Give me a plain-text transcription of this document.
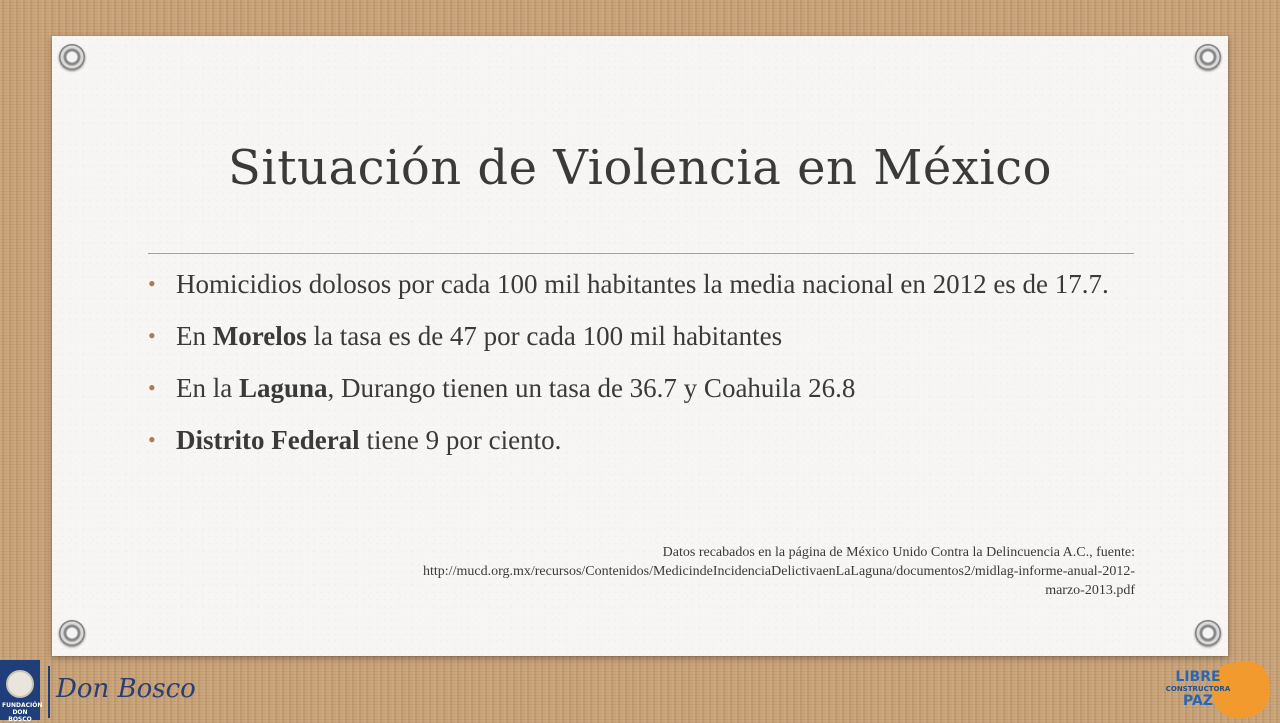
Situación de Violencia en México
• Homicidios dolosos por cada 100 mil habitantes la media nacional en 2012 es de 17.7.
• En Morelos la tasa es de 47 por cada 100 mil habitantes
• En la Laguna, Durango tienen un tasa de 36.7 y Coahuila 26.8
• Distrito Federal tiene 9 por ciento.
Datos recabados en la página de México Unido Contra la Delincuencia A.C., fuente:
http://mucd.org.mx/recursos/Contenidos/MedicindeIncidenciaDelictivaenLaLaguna/documentos2/midlag-informe-anual-2012-
marzo-2013.pdf
FUNDACIÓN DON BOSCO
Don Bosco	LIBRE
CONSTRUCTORA
PAZ
